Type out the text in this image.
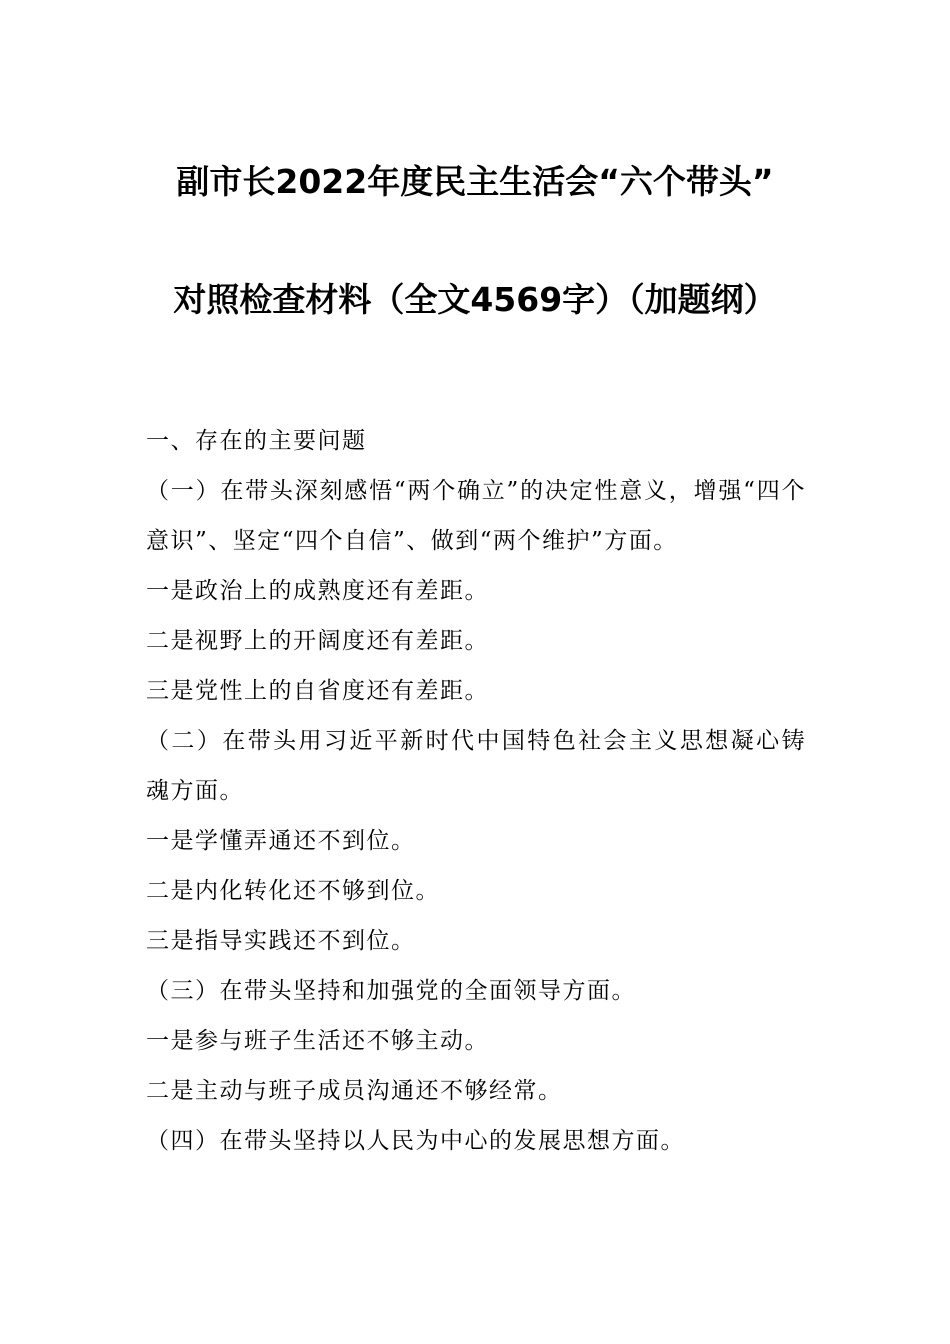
副市长2022年度民主生活会“六个带头”
对照检查材料（全文4569字）（加题纲）

一、存在的主要问题

（一）在带头深刻感悟“两个确立”的决定性意义，增强“四个意识”、坚定“四个自信”、做到“两个维护”方面。

一是政治上的成熟度还有差距。

二是视野上的开阔度还有差距。

三是党性上的自省度还有差距。

（二）在带头用习近平新时代中国特色社会主义思想凝心铸魂方面。

一是学懂弄通还不到位。

二是内化转化还不够到位。

三是指导实践还不到位。

（三）在带头坚持和加强党的全面领导方面。

一是参与班子生活还不够主动。

二是主动与班子成员沟通还不够经常。

（四）在带头坚持以人民为中心的发展思想方面。
